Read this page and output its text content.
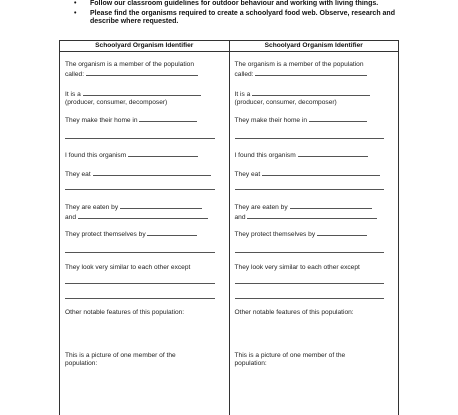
•	Follow our classroom guidelines for outdoor behaviour and working with living things.
•	Please find the organisms required to create a schoolyard food web. Observe, research and describe where requested.
Schoolyard Organism Identifier
The organism is a member of the population
called:
It is a
(producer, consumer, decomposer)
They make their home in
I found this organism
They eat
They are eaten by
and
They protect themselves by
They look very similar to each other except
Other notable features of this population:
This is a picture of one member of the
population:
Schoolyard Organism Identifier
The organism is a member of the population
called:
It is a
(producer, consumer, decomposer)
They make their home in
I found this organism
They eat
They are eaten by
and
They protect themselves by
They look very similar to each other except
Other notable features of this population:
This is a picture of one member of the
population:
